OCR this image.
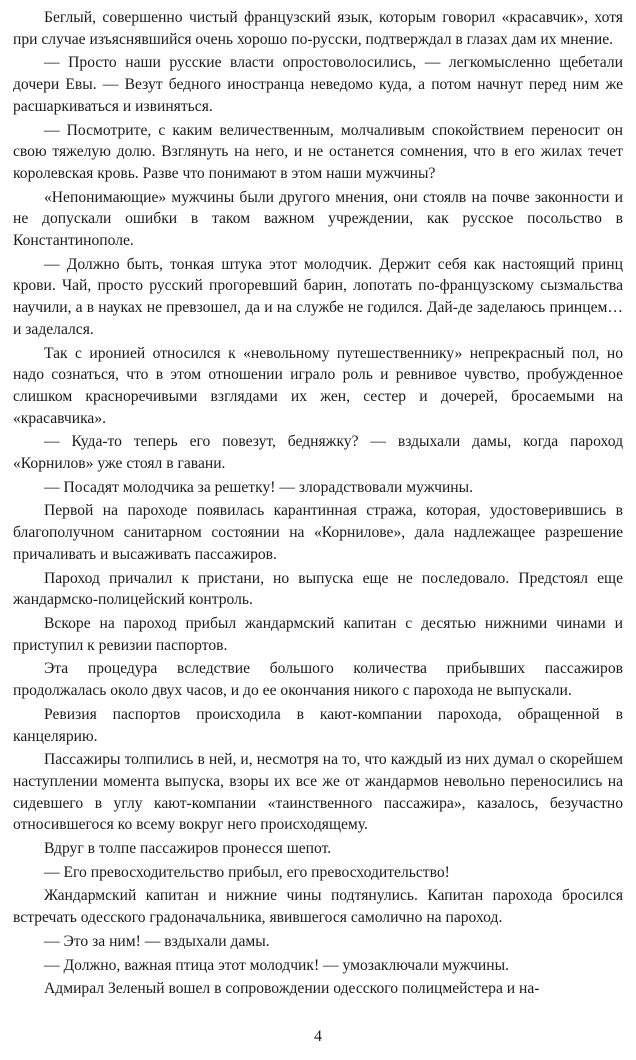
Беглый, совершенно чистый французский язык, которым говорил «красавчик», хотя при случае изъяснявшийся очень хорошо по-русски, подтверждал в глазах дам их мнение.

— Просто наши русские власти опростоволосились, — легкомысленно щебетали дочери Евы. — Везут бедного иностранца неведомо куда, а потом начнут перед ним же расшаркиваться и извиняться.

— Посмотрите, с каким величественным, молчаливым спокойствием переносит он свою тяжелую долю. Взглянуть на него, и не останется сомнения, что в его жилах течет королевская кровь. Разве что понимают в этом наши мужчины?

«Непонимающие» мужчины были другого мнения, они стоялв на почве законности и не допускали ошибки в таком важном учреждении, как русское посольство в Константинополе.

— Должно быть, тонкая штука этот молодчик. Держит себя как настоящий принц крови. Чай, просто русский прогоревший барин, лопотать по-французскому сызмальства научили, а в науках не превзошел, да и на службе не годился. Дай-де заделаюсь принцем… и заделался.

Так с иронией относился к «невольному путешественнику» непрекрасный пол, но надо сознаться, что в этом отношении играло роль и ревнивое чувство, пробужденное слишком красноречивыми взглядами их жен, сестер и дочерей, бросаемыми на «красавчика».

— Куда-то теперь его повезут, бедняжку? — вздыхали дамы, когда пароход «Корнилов» уже стоял в гавани.

— Посадят молодчика за решетку! — злорадствовали мужчины.

Первой на пароходе появилась карантинная стража, которая, удостоверившись в благополучном санитарном состоянии на «Корнилове», дала надлежащее разрешение причаливать и высаживать пассажиров.

Пароход причалил к пристани, но выпуска еще не последовало. Предстоял еще жандармско-полицейский контроль.

Вскоре на пароход прибыл жандармский капитан с десятью нижними чинами и приступил к ревизии паспортов.

Эта процедура вследствие большого количества прибывших пассажиров продолжалась около двух часов, и до ее окончания никого с парохода не выпускали.

Ревизия паспортов происходила в кают-компании парохода, обращенной в канцелярию.

Пассажиры толпились в ней, и, несмотря на то, что каждый из них думал о скорейшем наступлении момента выпуска, взоры их все же от жандармов невольно переносились на сидевшего в углу кают-компании «таинственного пассажира», казалось, безучастно относившегося ко всему вокруг него происходящему.

Вдруг в толпе пассажиров пронесся шепот.

— Его превосходительство прибыл, его превосходительство!

Жандармский капитан и нижние чины подтянулись. Капитан парохода бросился встречать одесского градоначальника, явившегося самолично на пароход.

— Это за ним! — вздыхали дамы.

— Должно, важная птица этот молодчик! — умозаключали мужчины.

Адмирал Зеленый вошел в сопровождении одесского полицмейстера и на-

4
